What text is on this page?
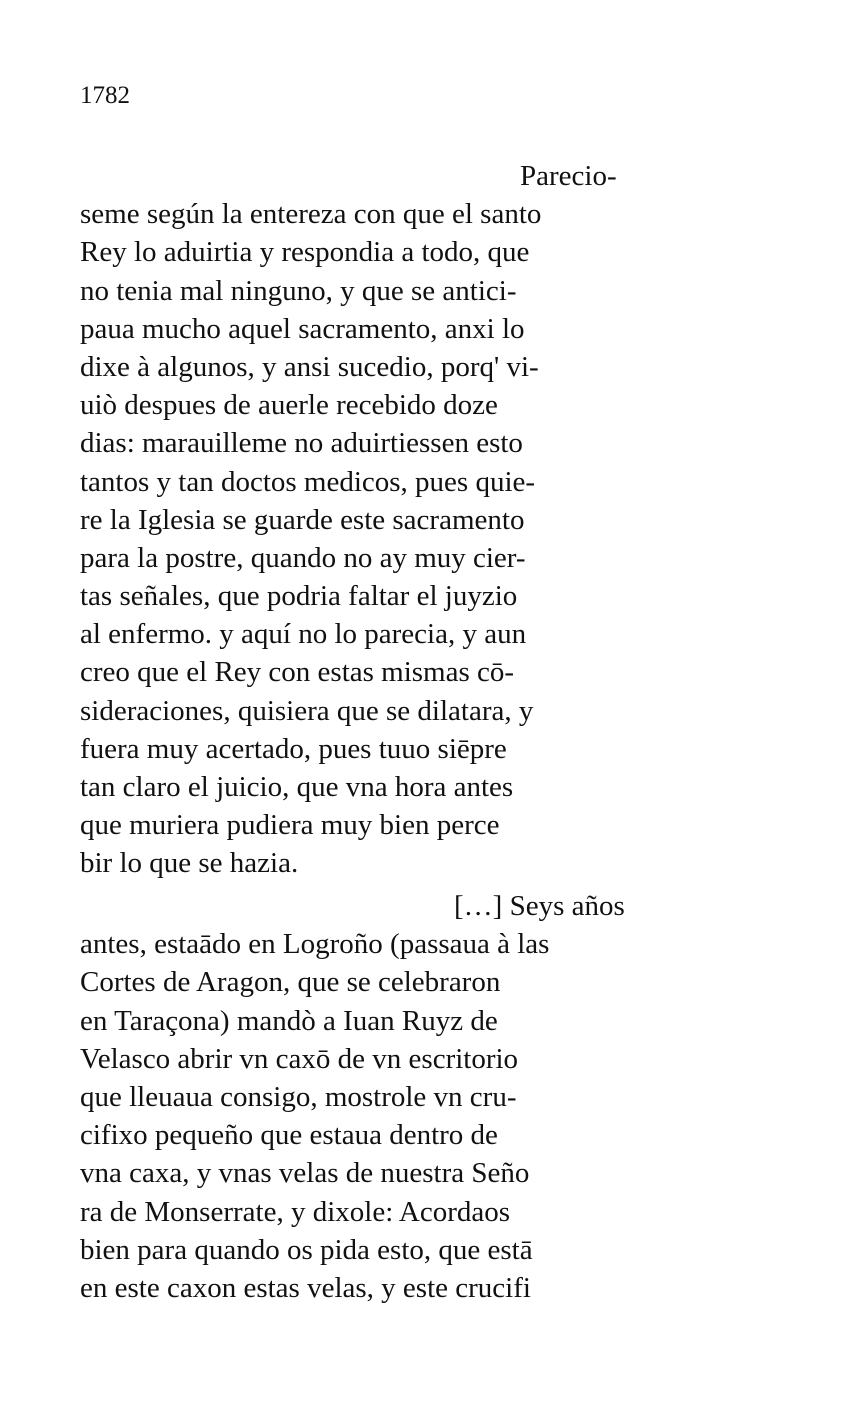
1782
Parecio-
seme según la entereza con que el santo
Rey lo aduirtia y respondia a todo, que
no tenia mal ninguno, y que se antici-
paua mucho aquel sacramento, anxi lo
dixe à algunos, y ansi sucedio, porq' vi-
uiò despues de auerle recebido doze
dias: marauilleme no aduirtiessen esto
tantos y tan doctos medicos, pues quie-
re la Iglesia se guarde este sacramento
para la postre, quando no ay muy cier-
tas señales, que podria faltar el juyzio
al enfermo. y aquí no lo parecia, y aun
creo que el Rey con estas mismas cō-
sideraciones, quisiera que se dilatara, y
fuera muy acertado, pues tuuo siēpre
tan claro el juicio, que vna hora antes
que muriera pudiera muy bien perce
bir lo que se hazia.
[…] Seys años
antes, estaādo en Logroño (passaua à las
Cortes de Aragon, que se celebraron
en Taraçona) mandò a Iuan Ruyz de
Velasco abrir vn caxō de vn escritorio
que lleuaua consigo, mostrole vn cru-
cifixo pequeño que estaua dentro de
vna caxa, y vnas velas de nuestra Seño
ra de Monserrate, y dixole: Acordaos
bien para quando os pida esto, que estā
en este caxon estas velas, y este crucifi
